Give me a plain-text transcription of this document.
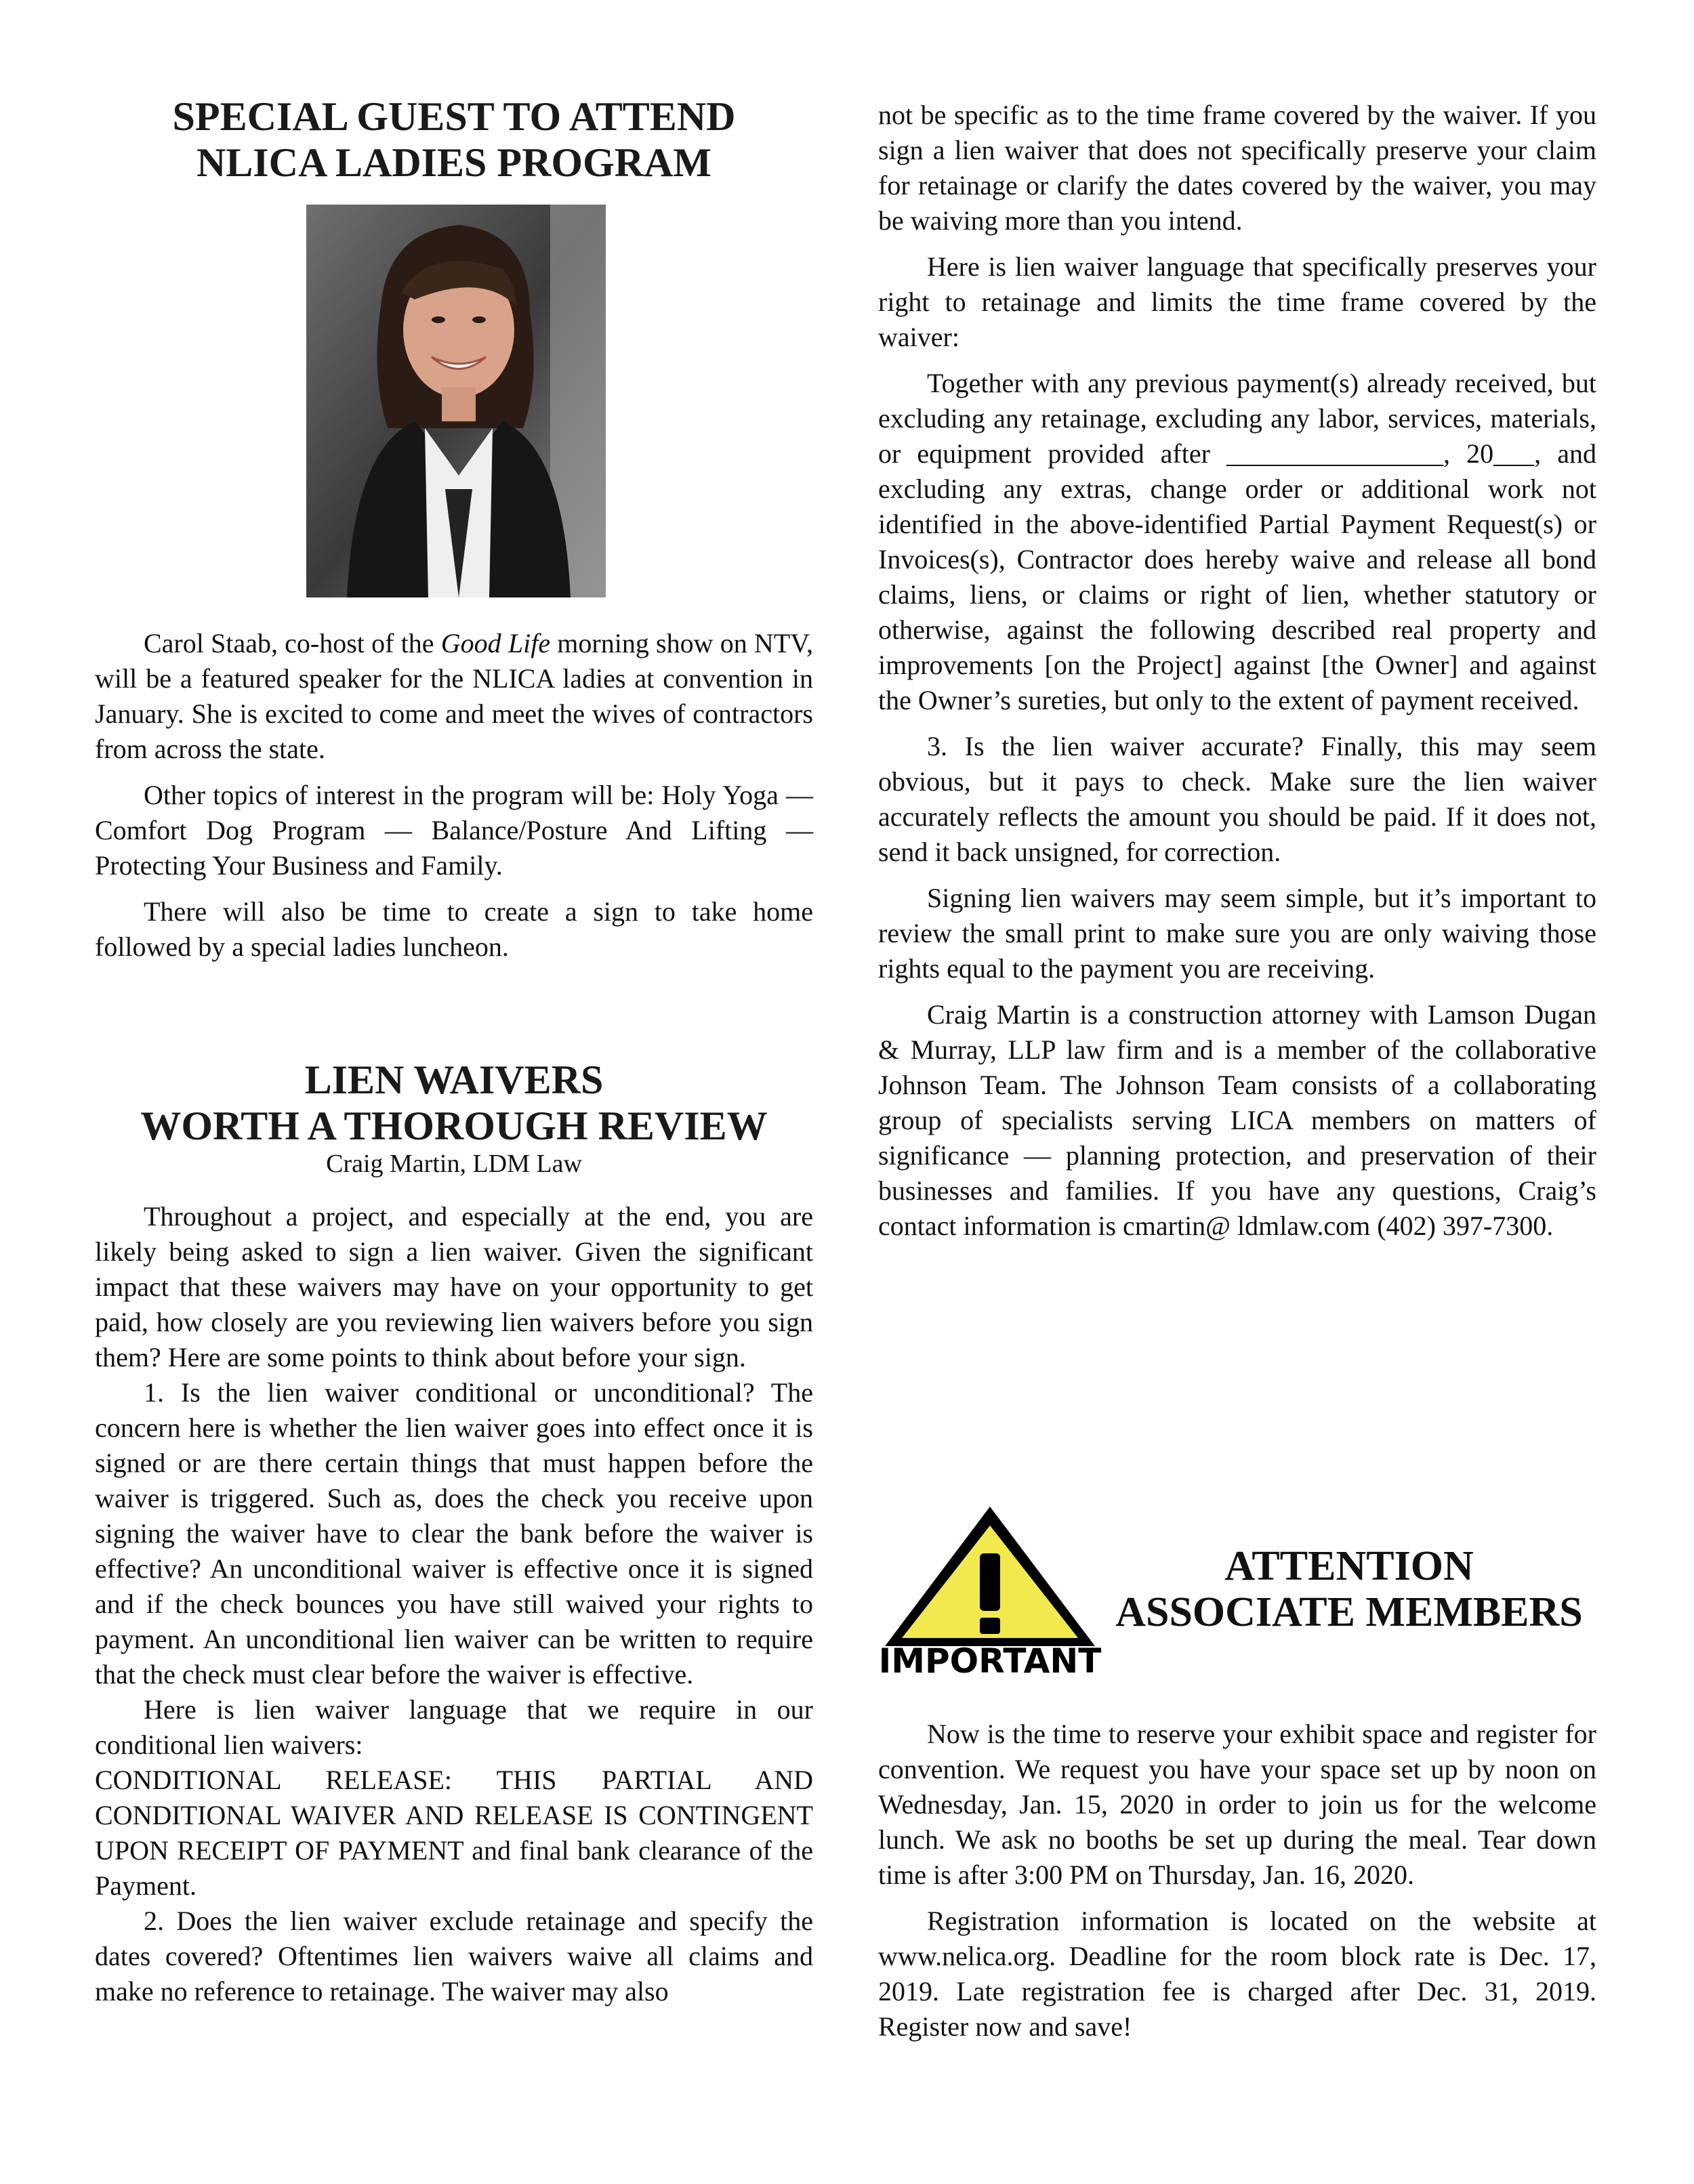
SPECIAL GUEST TO ATTEND
NLICA LADIES PROGRAM

Carol Staab, co-host of the Good Life morning show on NTV, will be a featured speaker for the NLICA ladies at convention in January. She is excited to come and meet the wives of contractors from across the state.

Other topics of interest in the program will be: Holy Yoga — Comfort Dog Program — Balance/Posture And Lifting — Protecting Your Business and Family.

There will also be time to create a sign to take home followed by a special ladies luncheon.

LIEN WAIVERS
WORTH A THOROUGH REVIEW
Craig Martin, LDM Law

Throughout a project, and especially at the end, you are likely being asked to sign a lien waiver. Given the significant impact that these waivers may have on your opportunity to get paid, how closely are you reviewing lien waivers before you sign them? Here are some points to think about before your sign.

1. Is the lien waiver conditional or unconditional? The concern here is whether the lien waiver goes into effect once it is signed or are there certain things that must happen before the waiver is triggered. Such as, does the check you receive upon signing the waiver have to clear the bank before the waiver is effective? An unconditional waiver is effective once it is signed and if the check bounces you have still waived your rights to payment. An unconditional lien waiver can be written to require that the check must clear before the waiver is effective.

Here is lien waiver language that we require in our conditional lien waivers:

CONDITIONAL RELEASE: THIS PARTIAL AND CONDITIONAL WAIVER AND RELEASE IS CONTINGENT UPON RECEIPT OF PAYMENT and final bank clearance of the Payment.

2. Does the lien waiver exclude retainage and specify the dates covered? Oftentimes lien waivers waive all claims and make no reference to retainage. The waiver may also

not be specific as to the time frame covered by the waiver. If you sign a lien waiver that does not specifically preserve your claim for retainage or clarify the dates covered by the waiver, you may be waiving more than you intend.

Here is lien waiver language that specifically preserves your right to retainage and limits the time frame covered by the waiver:

Together with any previous payment(s) already received, but excluding any retainage, excluding any labor, services, materials, or equipment provided after ________________, 20___, and excluding any extras, change order or additional work not identified in the above-identified Partial Payment Request(s) or Invoices(s), Contractor does hereby waive and release all bond claims, liens, or claims or right of lien, whether statutory or otherwise, against the following described real property and improvements [on the Project] against [the Owner] and against the Owner’s sureties, but only to the extent of payment received.

3. Is the lien waiver accurate? Finally, this may seem obvious, but it pays to check. Make sure the lien waiver accurately reflects the amount you should be paid. If it does not, send it back unsigned, for correction.

Signing lien waivers may seem simple, but it’s important to review the small print to make sure you are only waiving those rights equal to the payment you are receiving.

Craig Martin is a construction attorney with Lamson Dugan & Murray, LLP law firm and is a member of the collaborative Johnson Team. The Johnson Team consists of a collaborating group of specialists serving LICA members on matters of significance — planning protection, and preservation of their businesses and families. If you have any questions, Craig’s contact information is cmartin@ ldmlaw.com (402) 397-7300.

IMPORTANT
ATTENTION
ASSOCIATE MEMBERS

Now is the time to reserve your exhibit space and register for convention. We request you have your space set up by noon on Wednesday, Jan. 15, 2020 in order to join us for the welcome lunch. We ask no booths be set up during the meal. Tear down time is after 3:00 PM on Thursday, Jan. 16, 2020.

Registration information is located on the website at www.nelica.org. Deadline for the room block rate is Dec. 17, 2019. Late registration fee is charged after Dec. 31, 2019. Register now and save!
